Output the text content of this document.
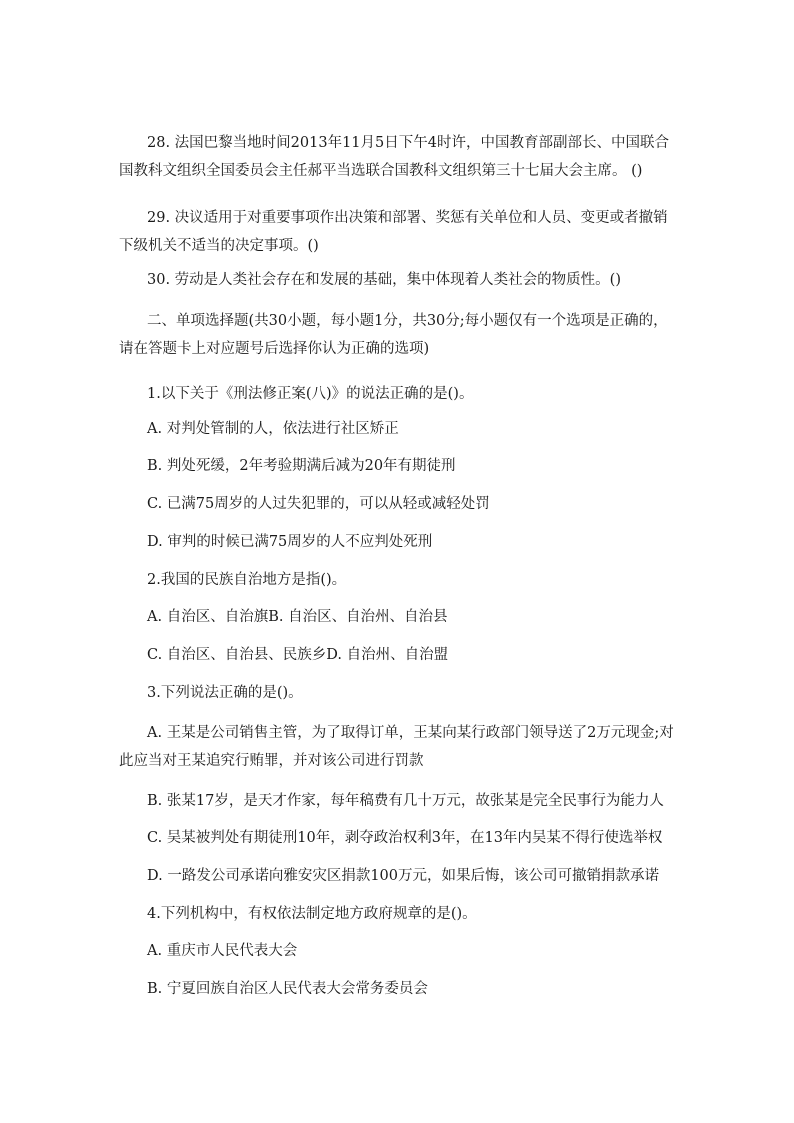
28. 法国巴黎当地时间2013年11月5日下午4时许，中国教育部副部长、中国联合国教科文组织全国委员会主任郝平当选联合国教科文组织第三十七届大会主席。 ()

29. 决议适用于对重要事项作出决策和部署、奖惩有关单位和人员、变更或者撤销下级机关不适当的决定事项。()

30. 劳动是人类社会存在和发展的基础，集中体现着人类社会的物质性。()

二、单项选择题(共30小题，每小题1分，共30分;每小题仅有一个选项是正确的，请在答题卡上对应题号后选择你认为正确的选项)

1.以下关于《刑法修正案(八)》的说法正确的是()。

A. 对判处管制的人，依法进行社区矫正

B. 判处死缓，2年考验期满后减为20年有期徒刑

C. 已满75周岁的人过失犯罪的，可以从轻或减轻处罚

D. 审判的时候已满75周岁的人不应判处死刑

2.我国的民族自治地方是指()。

A. 自治区、自治旗B. 自治区、自治州、自治县

C. 自治区、自治县、民族乡D. 自治州、自治盟

3.下列说法正确的是()。

A. 王某是公司销售主管，为了取得订单，王某向某行政部门领导送了2万元现金;对此应当对王某追究行贿罪，并对该公司进行罚款

B. 张某17岁，是天才作家，每年稿费有几十万元，故张某是完全民事行为能力人

C. 吴某被判处有期徒刑10年，剥夺政治权利3年，在13年内吴某不得行使选举权

D. 一路发公司承诺向雅安灾区捐款100万元，如果后悔，该公司可撤销捐款承诺

4.下列机构中，有权依法制定地方政府规章的是()。

A. 重庆市人民代表大会

B. 宁夏回族自治区人民代表大会常务委员会
